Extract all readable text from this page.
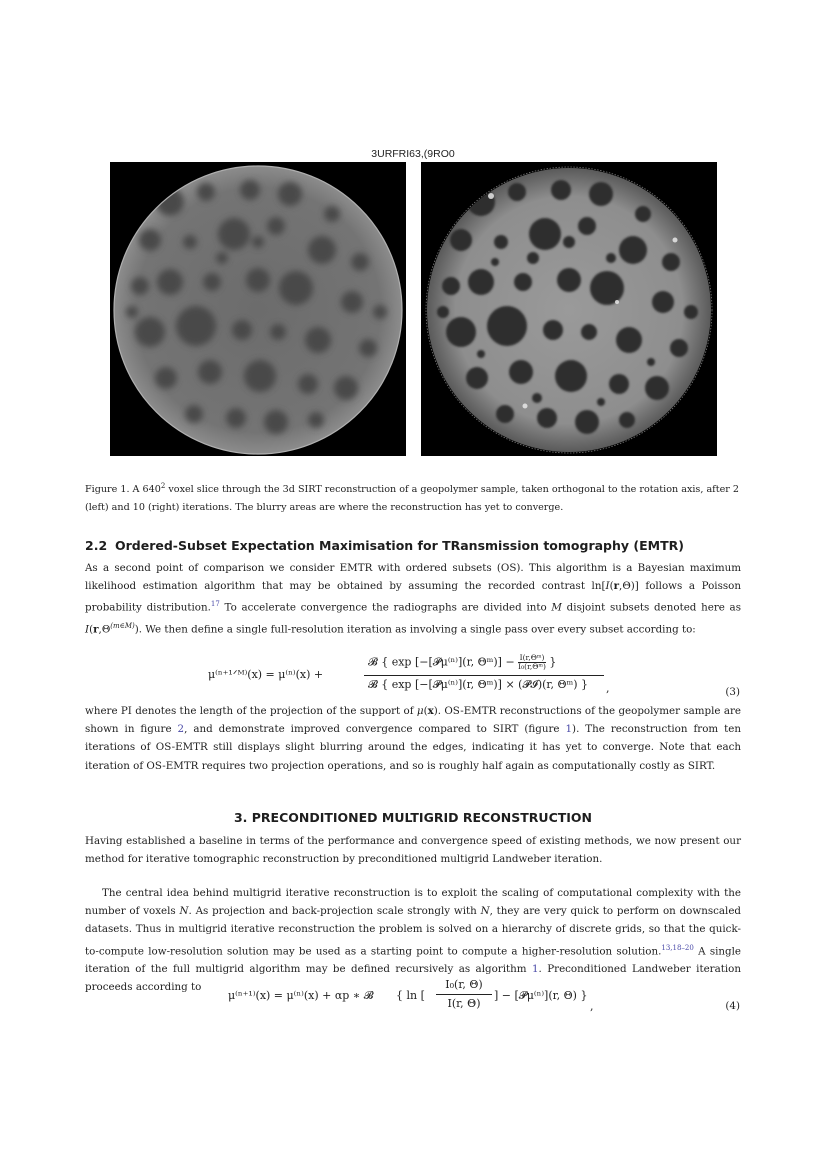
3URFRI63,(9RO0
Figure 1. A $640^2$ voxel slice through the 3d SIRT reconstruction of a geopolymer sample, taken orthogonal to the rotation axis, after 2 (left) and 10 (right) iterations. The blurry areas are where the reconstruction has yet to converge.
2.2 Ordered-Subset Expectation Maximisation for TRansmission tomography (EMTR)

As a second point of comparison we consider EMTR with ordered subsets (OS). This algorithm is a Bayesian maximum likelihood estimation algorithm that may be obtained by assuming the recorded contrast ln[I(r,Θ)] follows a Poisson probability distribution.$^{17}$ To accelerate convergence the radiographs are divided into M disjoint subsets denoted here as $I(r,\Theta^{(m\in M)})$. We then define a single full-resolution iteration as involving a single pass over every subset according to:

μ⁽ⁿ⁺¹ᐟᴹ⁾(x) = μ⁽ⁿ⁾(x) +
𝓑 { exp [−[𝓟μ⁽ⁿ⁾](r, Θᵐ)] − $\frac{\text{I(r,Θᵐ)}}{\text{I₀(r,Θᵐ)}}$ }
𝓑 { exp [−[𝓟μ⁽ⁿ⁾](r, Θᵐ)] × (𝓟𝓘)(r, Θᵐ) } ,	(3)

where PI denotes the length of the projection of the support of μ(x). OS-EMTR reconstructions of the geopolymer sample are shown in figure 2, and demonstrate improved convergence compared to SIRT (figure 1). The reconstruction from ten iterations of OS-EMTR still displays slight blurring around the edges, indicating it has yet to converge. Note that each iteration of OS-EMTR requires two projection operations, and so is roughly half again as computationally costly as SIRT.

3. PRECONDITIONED MULTIGRID RECONSTRUCTION

Having established a baseline in terms of the performance and convergence speed of existing methods, we now present our method for iterative tomographic reconstruction by preconditioned multigrid Landweber iteration.

The central idea behind multigrid iterative reconstruction is to exploit the scaling of computational complexity with the number of voxels N. As projection and back-projection scale strongly with N, they are very quick to perform on downscaled datasets. Thus in multigrid iterative reconstruction the problem is solved on a hierarchy of discrete grids, so that the quick-to-compute low-resolution solution may be used as a starting point to compute a higher-resolution solution.$^{13,18-20}$ A single iteration of the full multigrid algorithm may be defined recursively as algorithm 1. Preconditioned Landweber iteration proceeds according to

μ⁽ⁿ⁺¹⁾(x) = μ⁽ⁿ⁾(x) + αp ∗ 𝓑 { ln [
I₀(r, Θ)
I(r, Θ)
] − [𝓟μ⁽ⁿ⁾](r, Θ) }
,	(4)
